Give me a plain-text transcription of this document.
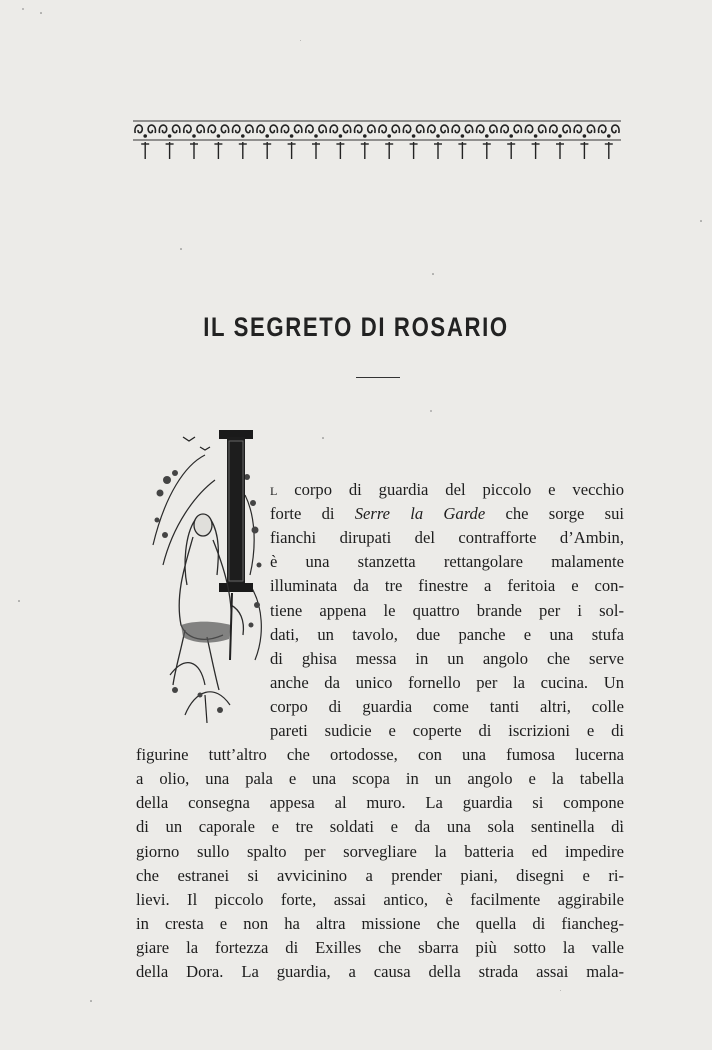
IL SEGRETO DI ROSARIO
L corpo di guardia del piccolo e vecchio
forte di Serre la Garde che sorge sui
fianchi dirupati del contrafforte d’Ambin,
è una stanzetta rettangolare malamente
illuminata da tre finestre a feritoia e con-
tiene appena le quattro brande per i sol-
dati, un tavolo, due panche e una stufa
di ghisa messa in un angolo che serve
anche da unico fornello per la cucina. Un
corpo di guardia come tanti altri, colle
pareti sudicie e coperte di iscrizioni e di
figurine tutt’altro che ortodosse, con una fumosa lucerna
a olio, una pala e una scopa in un angolo e la tabella
della consegna appesa al muro. La guardia si compone
di un caporale e tre soldati e da una sola sentinella di
giorno sullo spalto per sorvegliare la batteria ed impedire
che estranei si avvicinino a prender piani, disegni e ri-
lievi. Il piccolo forte, assai antico, è facilmente aggirabile
in cresta e non ha altra missione che quella di fiancheg-
giare la fortezza di Exilles che sbarra più sotto la valle
della Dora. La guardia, a causa della strada assai mala-
